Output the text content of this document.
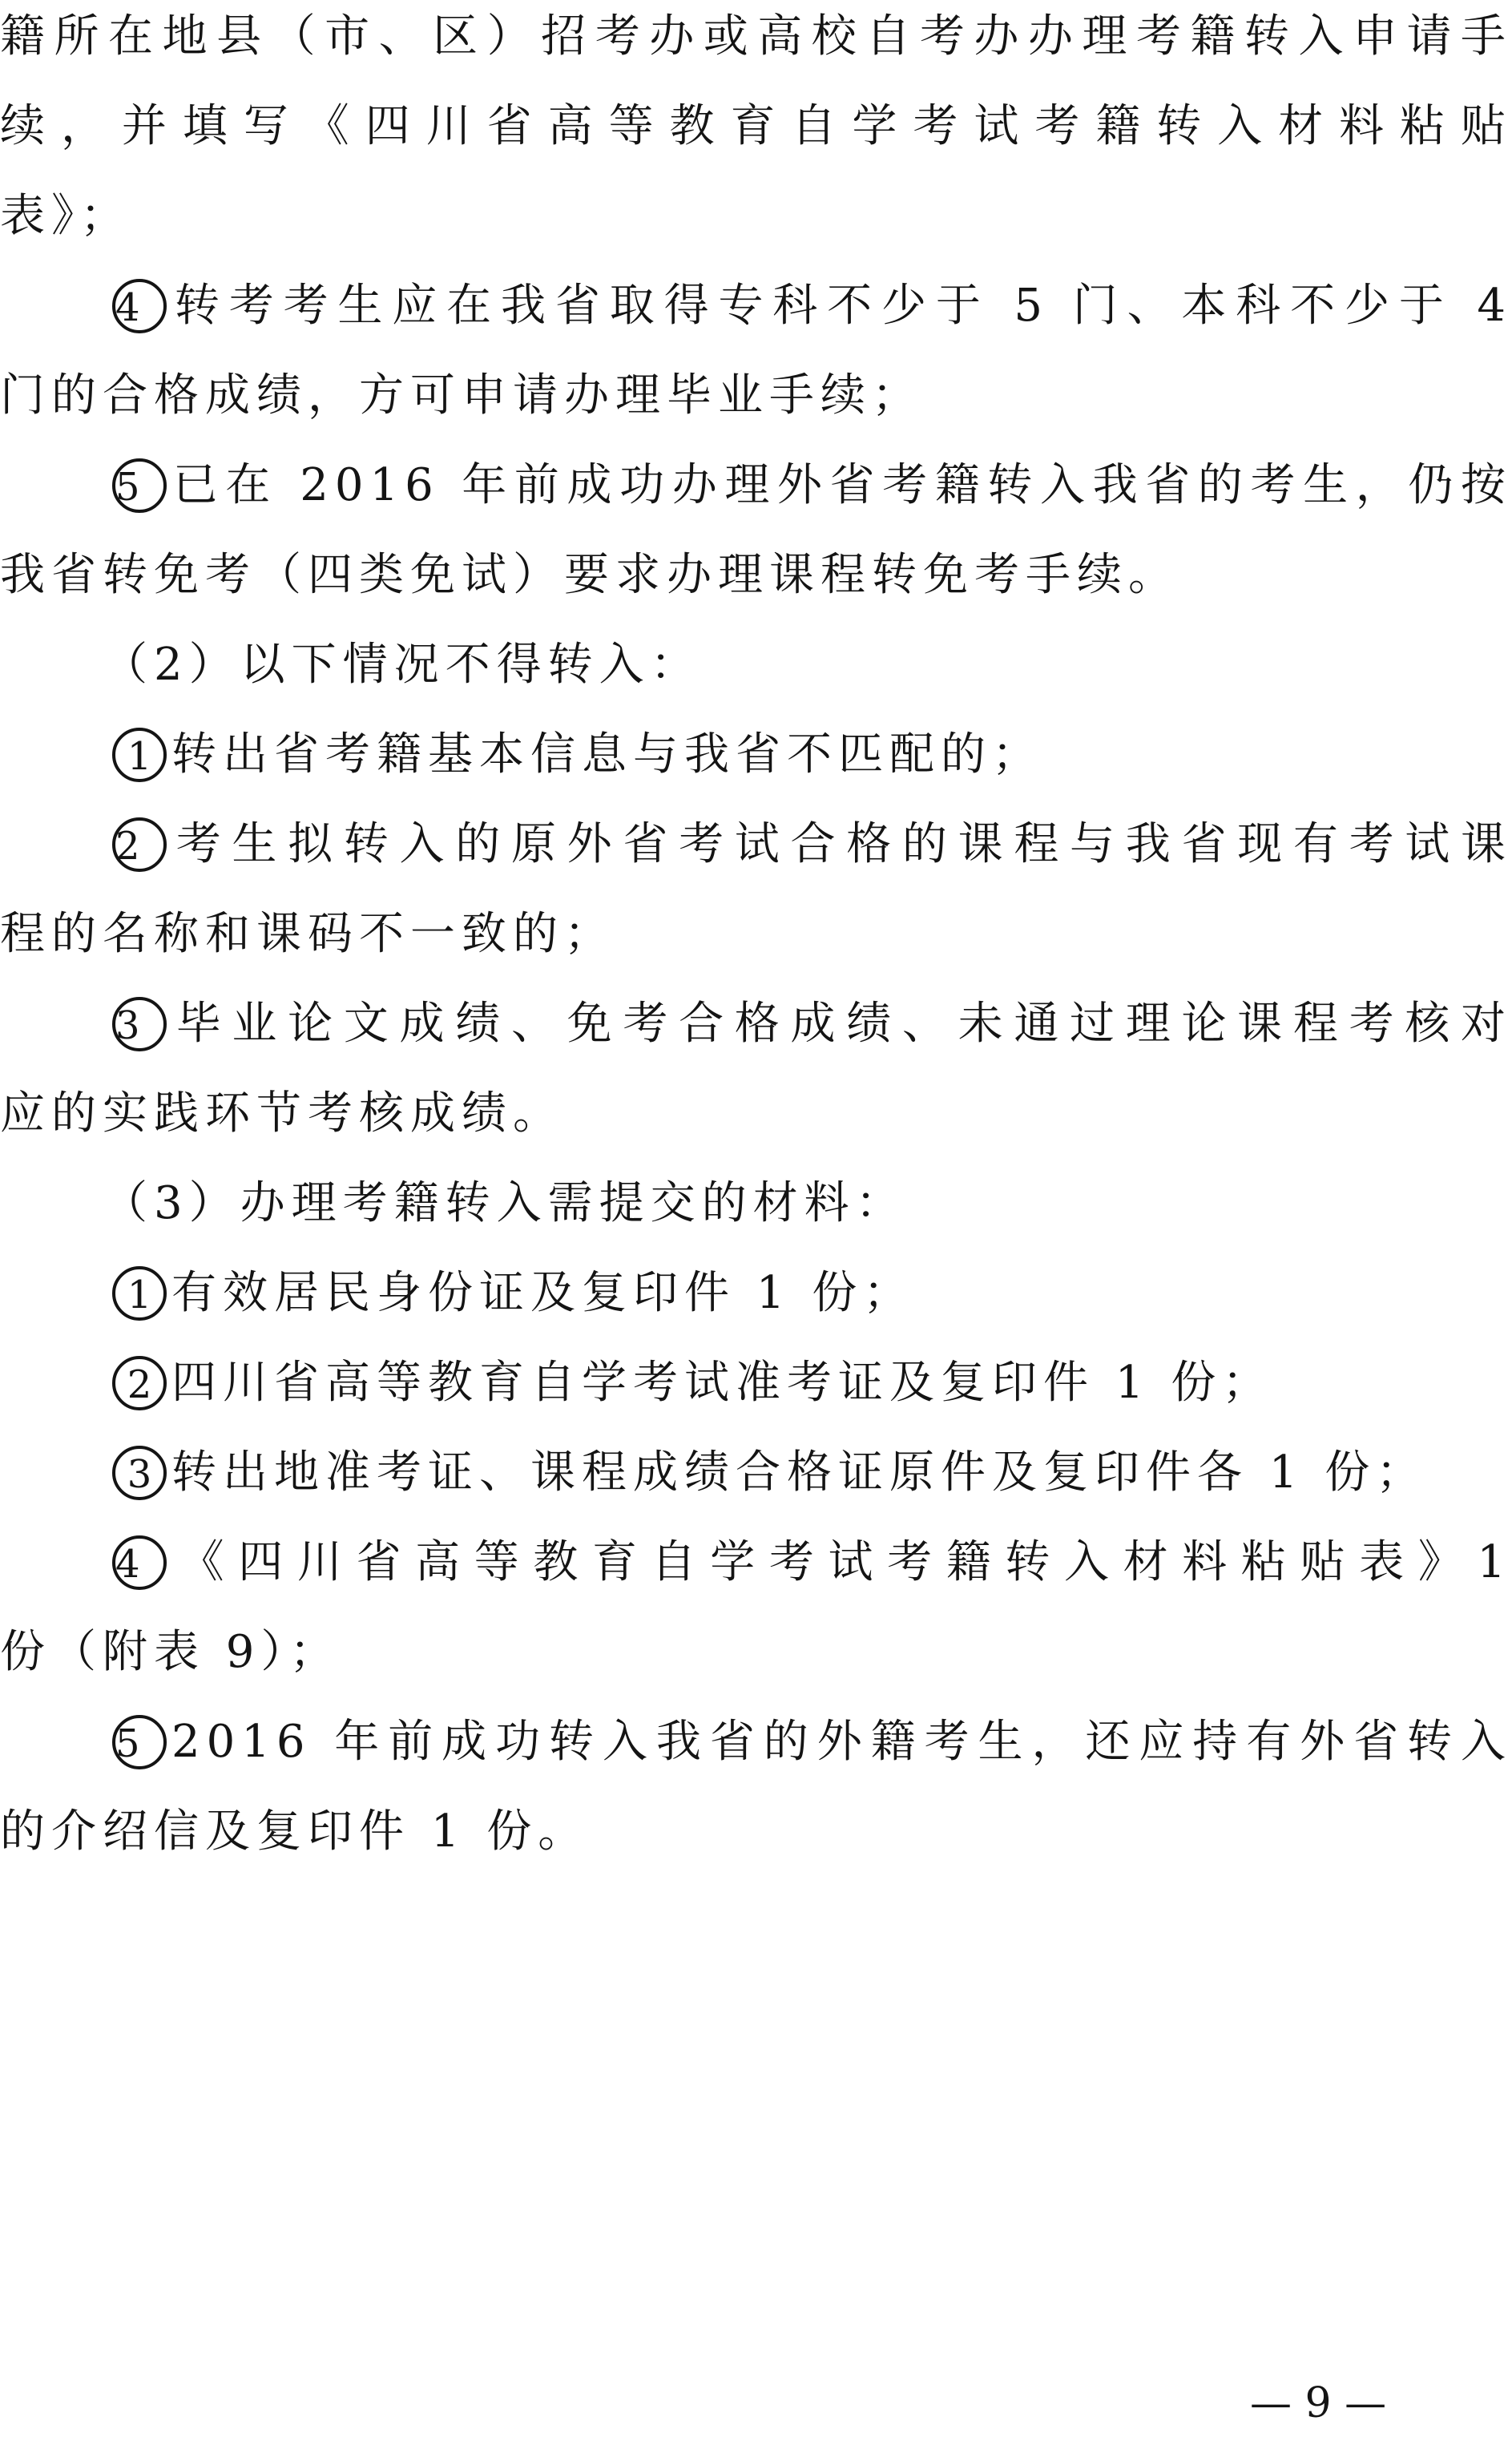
籍所在地县（市、区）招考办或高校自考办办理考籍转入申请手
续，并填写《四川省高等教育自学考试考籍转入材料粘贴
表》；
4 转考考生应在我省取得专科不少于 5 门、本科不少于 4
门的合格成绩，方可申请办理毕业手续；
5 已在 2016 年前成功办理外省考籍转入我省的考生，仍按
我省转免考（四类免试）要求办理课程转免考手续。
（2）以下情况不得转入：
1 转出省考籍基本信息与我省不匹配的；
2 考生拟转入的原外省考试合格的课程与我省现有考试课
程的名称和课码不一致的；
3 毕业论文成绩、免考合格成绩、未通过理论课程考核对
应的实践环节考核成绩。
（3）办理考籍转入需提交的材料：
1 有效居民身份证及复印件 1 份；
2 四川省高等教育自学考试准考证及复印件 1 份；
3 转出地准考证、课程成绩合格证原件及复印件各 1 份；
4 《四川省高等教育自学考试考籍转入材料粘贴表》1
份（附表 9）；
5 2016 年前成功转入我省的外籍考生，还应持有外省转入
的介绍信及复印件 1 份。
— 9 —
